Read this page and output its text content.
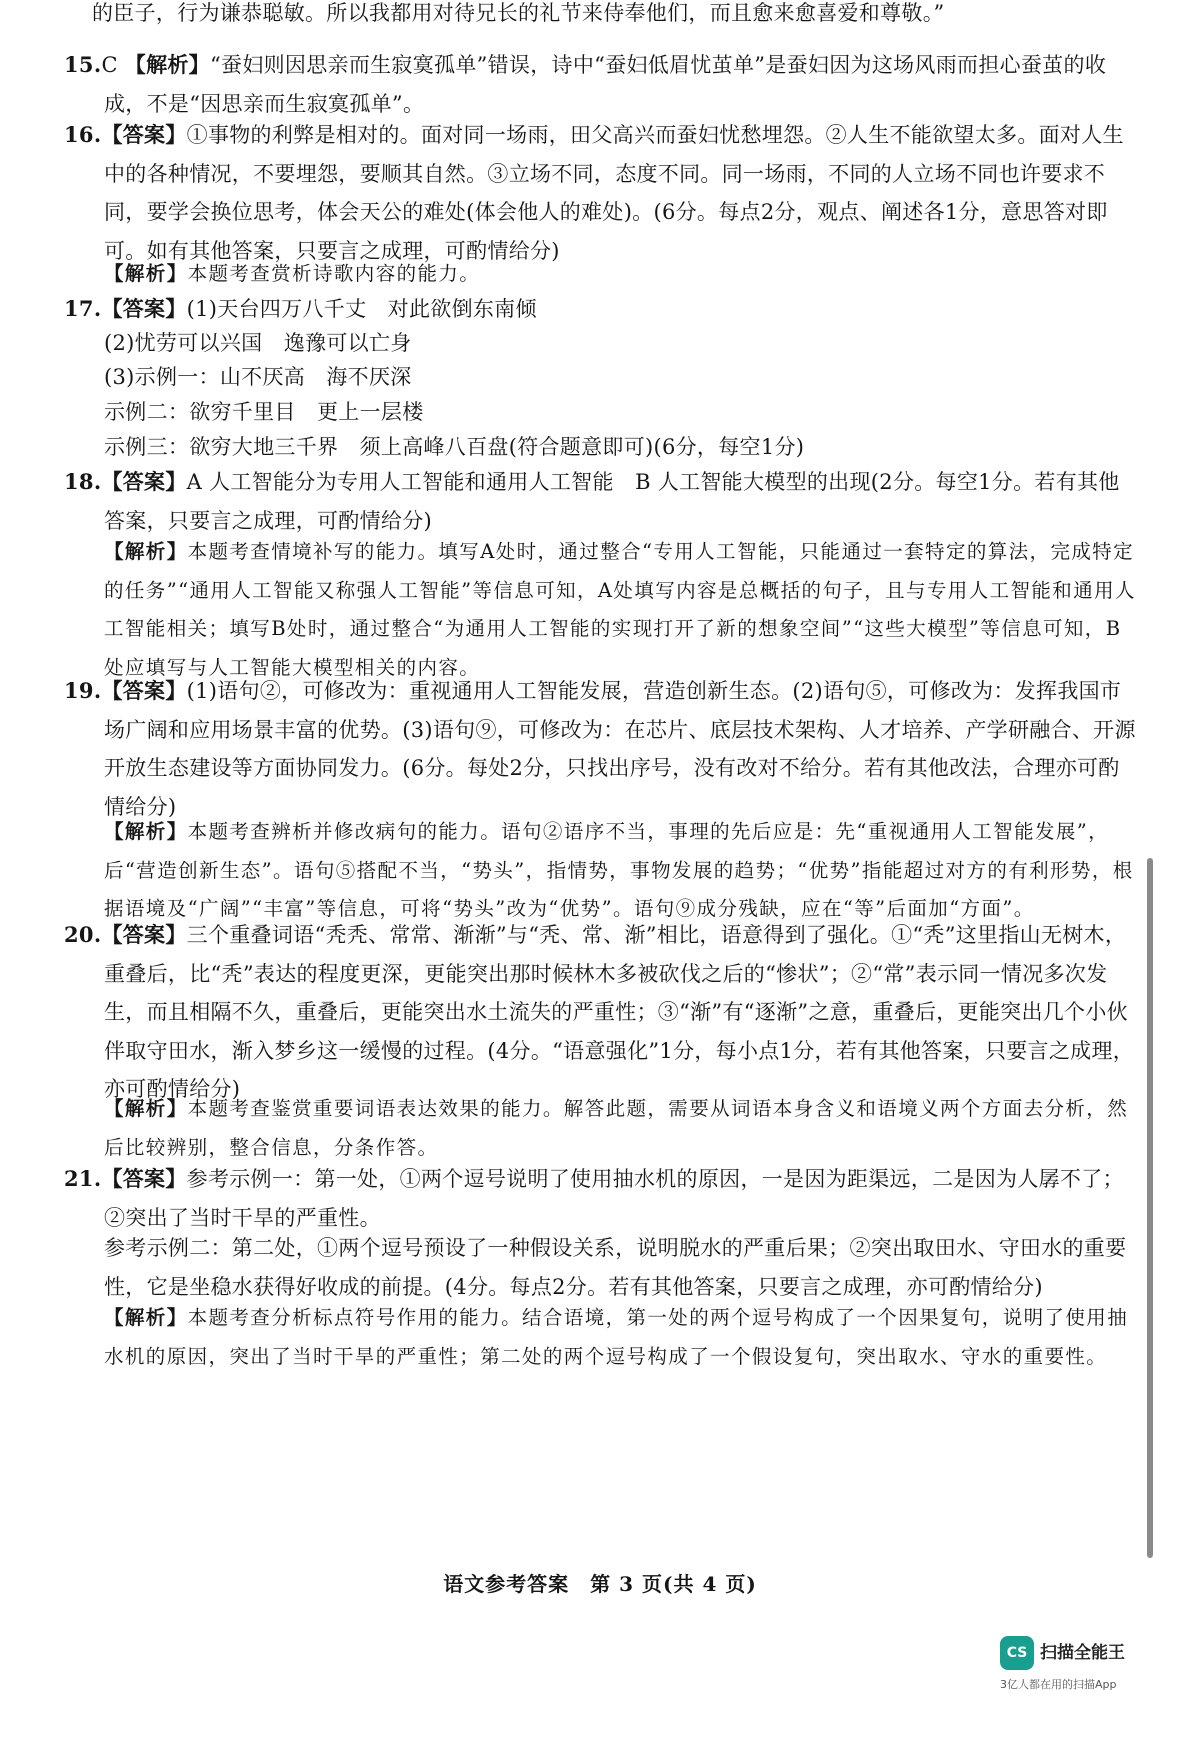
的臣子，行为谦恭聪敏。所以我都用对待兄长的礼节来侍奉他们，而且愈来愈喜爱和尊敬。”

15.C 【解析】“蚕妇则因思亲而生寂寞孤单”错误，诗中“蚕妇低眉忧茧单”是蚕妇因为这场风雨而担心蚕茧的收成，不是“因思亲而生寂寞孤单”。
16.【答案】①事物的利弊是相对的。面对同一场雨，田父高兴而蚕妇忧愁埋怨。②人生不能欲望太多。面对人生中的各种情况，不要埋怨，要顺其自然。③立场不同，态度不同。同一场雨，不同的人立场不同也许要求不同，要学会换位思考，体会天公的难处(体会他人的难处)。(6分。每点2分，观点、阐述各1分，意思答对即可。如有其他答案，只要言之成理，可酌情给分)

【解析】本题考查赏析诗歌内容的能力。

17.【答案】(1)天台四万八千丈　对此欲倒东南倾

(2)忧劳可以兴国　逸豫可以亡身

(3)示例一：山不厌高　海不厌深

示例二：欲穷千里目　更上一层楼

示例三：欲穷大地三千界　须上高峰八百盘(符合题意即可)(6分，每空1分)

18.【答案】A 人工智能分为专用人工智能和通用人工智能　B 人工智能大模型的出现(2分。每空1分。若有其他答案，只要言之成理，可酌情给分)

【解析】本题考查情境补写的能力。填写A处时，通过整合“专用人工智能，只能通过一套特定的算法，完成特定的任务”“通用人工智能又称强人工智能”等信息可知，A处填写内容是总概括的句子，且与专用人工智能和通用人工智能相关；填写B处时，通过整合“为通用人工智能的实现打开了新的想象空间”“这些大模型”等信息可知，B处应填写与人工智能大模型相关的内容。

19.【答案】(1)语句②，可修改为：重视通用人工智能发展，营造创新生态。(2)语句⑤，可修改为：发挥我国市场广阔和应用场景丰富的优势。(3)语句⑨，可修改为：在芯片、底层技术架构、人才培养、产学研融合、开源开放生态建设等方面协同发力。(6分。每处2分，只找出序号，没有改对不给分。若有其他改法，合理亦可酌情给分)

【解析】本题考查辨析并修改病句的能力。语句②语序不当，事理的先后应是：先“重视通用人工智能发展”，后“营造创新生态”。语句⑤搭配不当，“势头”，指情势，事物发展的趋势；“优势”指能超过对方的有利形势，根据语境及“广阔”“丰富”等信息，可将“势头”改为“优势”。语句⑨成分残缺，应在“等”后面加“方面”。

20.【答案】三个重叠词语“秃秃、常常、渐渐”与“秃、常、渐”相比，语意得到了强化。①“秃”这里指山无树木，重叠后，比“秃”表达的程度更深，更能突出那时候林木多被砍伐之后的“惨状”；②“常”表示同一情况多次发生，而且相隔不久，重叠后，更能突出水土流失的严重性；③“渐”有“逐渐”之意，重叠后，更能突出几个小伙伴取守田水，渐入梦乡这一缓慢的过程。(4分。“语意强化”1分，每小点1分，若有其他答案，只要言之成理，亦可酌情给分)

【解析】本题考查鉴赏重要词语表达效果的能力。解答此题，需要从词语本身含义和语境义两个方面去分析，然后比较辨别，整合信息，分条作答。

21.【答案】参考示例一：第一处，①两个逗号说明了使用抽水机的原因，一是因为距渠远，二是因为人孱不了；②突出了当时干旱的严重性。

参考示例二：第二处，①两个逗号预设了一种假设关系，说明脱水的严重后果；②突出取田水、守田水的重要性，它是坐稳水获得好收成的前提。(4分。每点2分。若有其他答案，只要言之成理，亦可酌情给分)

【解析】本题考查分析标点符号作用的能力。结合语境，第一处的两个逗号构成了一个因果复句，说明了使用抽水机的原因，突出了当时干旱的严重性；第二处的两个逗号构成了一个假设复句，突出取水、守水的重要性。

语文参考答案　第 3 页(共 4 页)
CS 扫描全能王
3亿人都在用的扫描App
